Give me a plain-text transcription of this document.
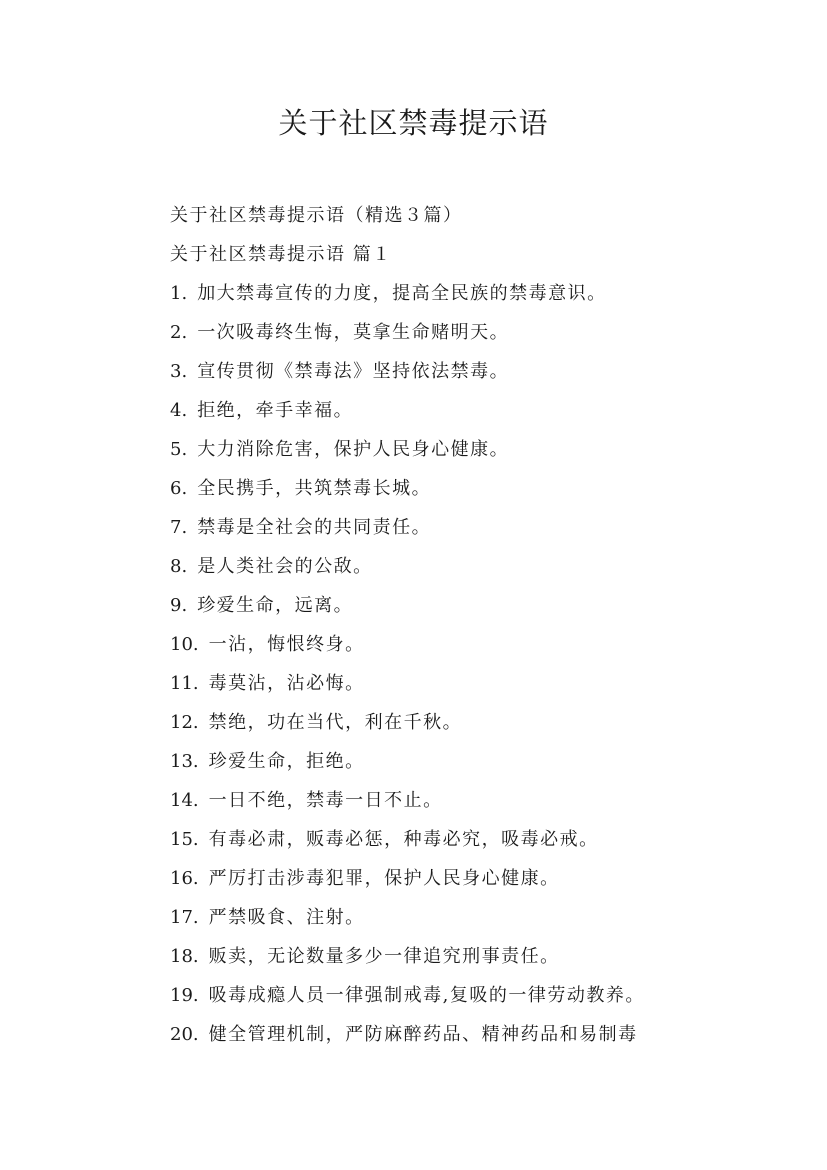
关于社区禁毒提示语
关于社区禁毒提示语（精选３篇）
关于社区禁毒提示语 篇１
1. 加大禁毒宣传的力度，提高全民族的禁毒意识。
2. 一次吸毒终生悔，莫拿生命赌明天。
3. 宣传贯彻《禁毒法》坚持依法禁毒。
4. 拒绝，牵手幸福。
5. 大力消除危害，保护人民身心健康。
6. 全民携手，共筑禁毒长城。
7. 禁毒是全社会的共同责任。
8. 是人类社会的公敌。
9. 珍爱生命，远离。
10. 一沾，悔恨终身。
11. 毒莫沾，沾必悔。
12. 禁绝，功在当代，利在千秋。
13. 珍爱生命，拒绝。
14. 一日不绝，禁毒一日不止。
15. 有毒必肃，贩毒必惩，种毒必究，吸毒必戒。
16. 严厉打击涉毒犯罪，保护人民身心健康。
17. 严禁吸食、注射。
18. 贩卖，无论数量多少一律追究刑事责任。
19. 吸毒成瘾人员一律强制戒毒,复吸的一律劳动教养。
20. 健全管理机制，严防麻醉药品、精神药品和易制毒
